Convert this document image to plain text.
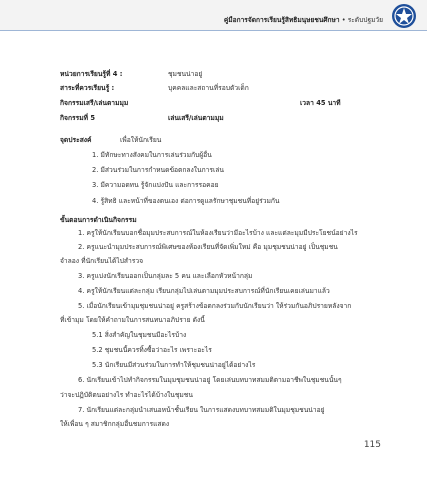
คู่มือการจัดการเรียนรู้สิทธิมนุษยชนศึกษา • ระดับปฐมวัย
หน่วยการเรียนรู้ที่ 4 :	ชุมชนน่าอยู่
สาระที่ควรเรียนรู้ :	บุคคลและสถานที่รอบตัวเด็ก
กิจกรรมเสรี/เล่นตามมุม	เวลา 45 นาที
กิจกรรมที่ 5	เล่นเสรี/เล่นตามมุม
จุดประสงค์	เพื่อให้นักเรียน
1. มีทักษะทางสังคมในการเล่นร่วมกับผู้อื่น
2. มีส่วนร่วมในการกำหนดข้อตกลงในการเล่น
3. มีความอดทน รู้จักแบ่งปัน และการรอคอย
4. รู้สิทธิ และหน้าที่ของตนเอง ต่อการดูแลรักษาชุมชนที่อยู่ร่วมกัน
ขั้นตอนการดำเนินกิจกรรม
1. ครูให้นักเรียนบอกชื่อมุมประสบการณ์ในห้องเรียนว่ามีอะไรบ้าง และแต่ละมุมมีประโยชน์อย่างไร
2. ครูแนะนำมุมประสบการณ์พิเศษของห้องเรียนที่จัดเพิ่มใหม่ คือ มุมชุมชนน่าอยู่ เป็นชุมชน
จำลอง ที่นักเรียนได้ไปสำรวจ
3. ครูแบ่งนักเรียนออกเป็นกลุ่มละ 5 คน และเลือกหัวหน้ากลุ่ม
4. ครูให้นักเรียนแต่ละกลุ่ม เรียนกลุ่มไปเล่นตามมุมประสบการณ์ที่นักเรียนเคยเล่นมาแล้ว
5. เมื่อนักเรียนเข้ามุมชุมชนน่าอยู่ ครูสร้างข้อตกลงร่วมกับนักเรียนว่า ให้ร่วมกันอภิปรายหลังจาก
ที่เข้ามุม โดยให้คำถามในการสนทนาอภิปราย ดังนี้
5.1 สิ่งสำคัญในชุมชนมีอะไรบ้าง
5.2 ชุมชนนี้ควรทิ้งซื้อว่าอะไร เพราะอะไร
5.3 นักเรียนมีส่วนร่วมในการทำให้ชุมชนน่าอยู่ได้อย่างไร
6. นักเรียนเข้าไปทำกิจกรรมในมุมชุมชนน่าอยู่ โดยเล่นบทบาทสมมติตามอาชีพในชุมชนนั้นๆ
ว่าจะปฏิบัติตนอย่างไร ทำอะไรได้บ้างในชุมชน
7. นักเรียนแต่ละกลุ่มนำเสนอหน้าชั้นเรียน ในการแสดงบทบาทสมมติในมุมชุมชนน่าอยู่
ให้เพื่อน ๆ สมาชิกกลุ่มอื่นชมการแสดง
115
